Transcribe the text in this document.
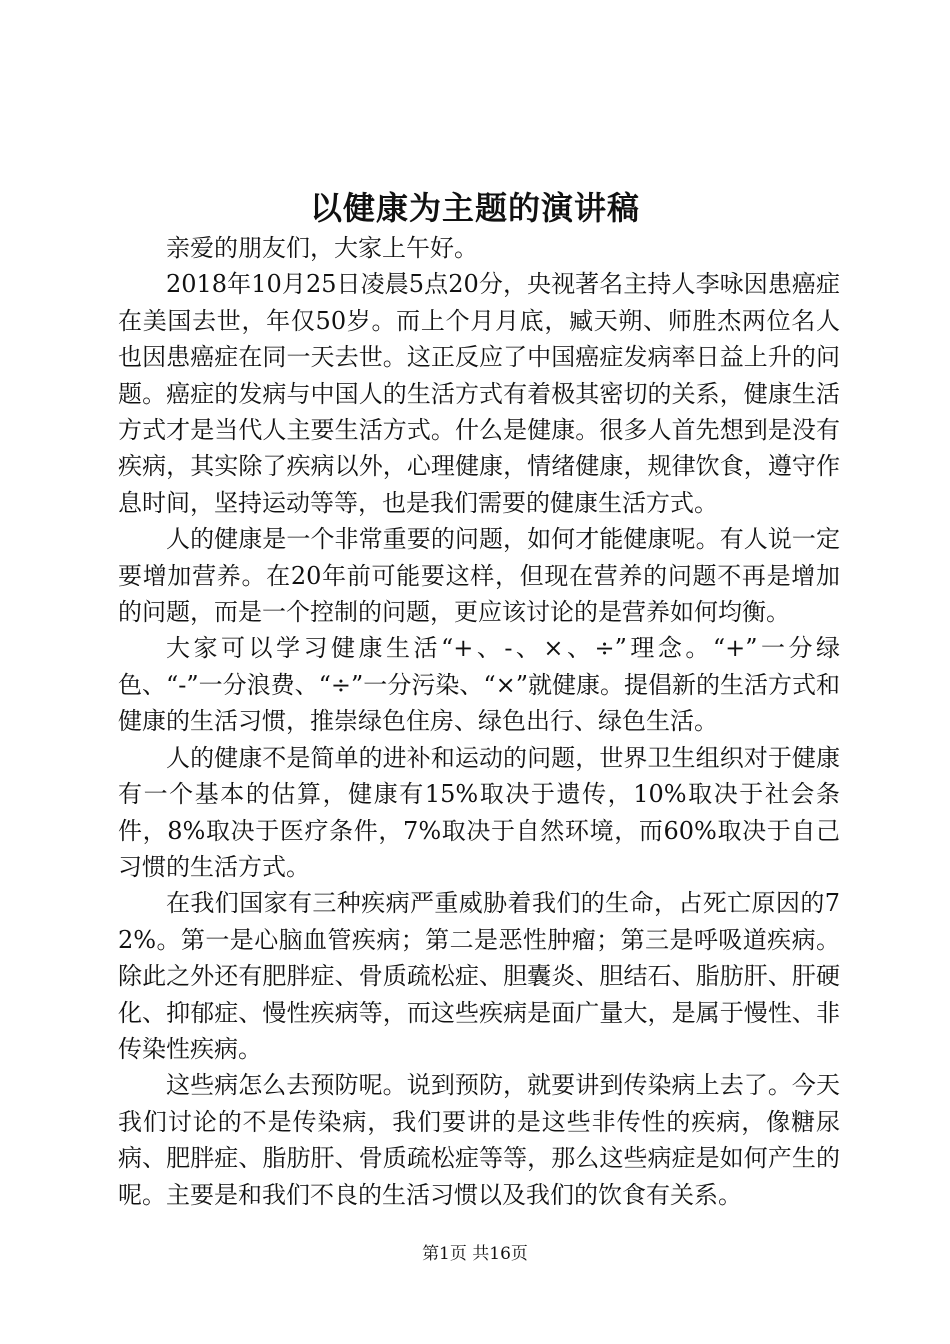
以健康为主题的演讲稿

亲爱的朋友们，大家上午好。

2018年10月25日凌晨5点20分，央视著名主持人李咏因患癌症在美国去世，年仅50岁。而上个月月底，臧天朔、师胜杰两位名人也因患癌症在同一天去世。这正反应了中国癌症发病率日益上升的问题。癌症的发病与中国人的生活方式有着极其密切的关系，健康生活方式才是当代人主要生活方式。什么是健康。很多人首先想到是没有疾病，其实除了疾病以外，心理健康，情绪健康，规律饮食，遵守作息时间，坚持运动等等，也是我们需要的健康生活方式。

人的健康是一个非常重要的问题，如何才能健康呢。有人说一定要增加营养。在20年前可能要这样，但现在营养的问题不再是增加的问题，而是一个控制的问题，更应该讨论的是营养如何均衡。

大家可以学习健康生活“+、-、×、÷”理念。“+”一分绿色、“-”一分浪费、“÷”一分污染、“×”就健康。提倡新的生活方式和健康的生活习惯，推崇绿色住房、绿色出行、绿色生活。

人的健康不是简单的进补和运动的问题，世界卫生组织对于健康有一个基本的估算，健康有15%取决于遗传，10%取决于社会条件，8%取决于医疗条件，7%取决于自然环境，而60%取决于自己习惯的生活方式。

在我们国家有三种疾病严重威胁着我们的生命，占死亡原因的72%。第一是心脑血管疾病；第二是恶性肿瘤；第三是呼吸道疾病。除此之外还有肥胖症、骨质疏松症、胆囊炎、胆结石、脂肪肝、肝硬化、抑郁症、慢性疾病等，而这些疾病是面广量大，是属于慢性、非传染性疾病。

这些病怎么去预防呢。说到预防，就要讲到传染病上去了。今天我们讨论的不是传染病，我们要讲的是这些非传性的疾病，像糖尿病、肥胖症、脂肪肝、骨质疏松症等等，那么这些病症是如何产生的呢。主要是和我们不良的生活习惯以及我们的饮食有关系。

第1页 共16页
